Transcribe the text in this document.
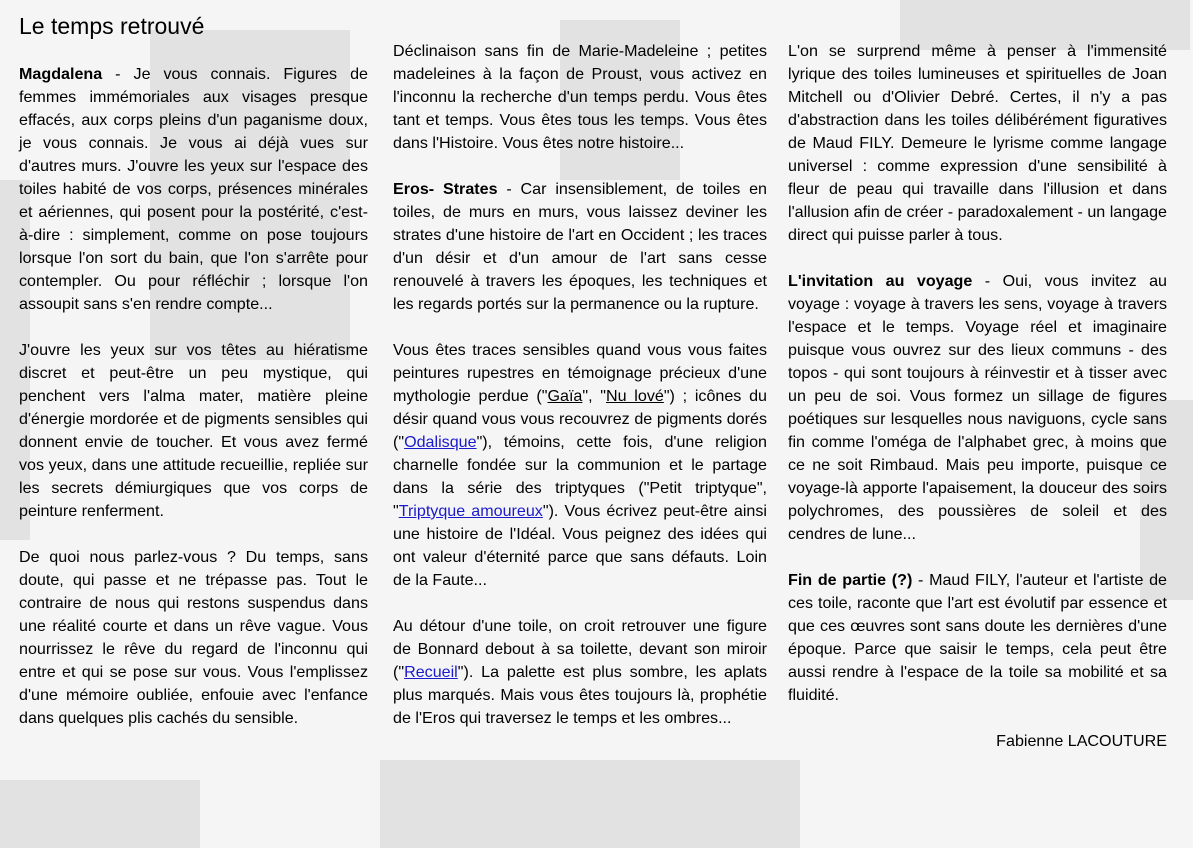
Le temps retrouvé

Magdalena - Je vous connais. Figures de femmes immémoriales aux visages presque effacés, aux corps pleins d'un paganisme doux, je vous connais. Je vous ai déjà vues sur d'autres murs. J'ouvre les yeux sur l'espace des toiles habité de vos corps, présences minérales et aériennes, qui posent pour la postérité, c'est-à-dire : simplement, comme on pose toujours lorsque l'on sort du bain, que l'on s'arrête pour contempler. Ou pour réfléchir ; lorsque l'on assoupit sans s'en rendre compte...

J'ouvre les yeux sur vos têtes au hiératisme discret et peut-être un peu mystique, qui penchent vers l'alma mater, matière pleine d'énergie mordorée et de pigments sensibles qui donnent envie de toucher. Et vous avez fermé vos yeux, dans une attitude recueillie, repliée sur les secrets démiurgiques que vos corps de peinture renferment.

De quoi nous parlez-vous ? Du temps, sans doute, qui passe et ne trépasse pas. Tout le contraire de nous qui restons suspendus dans une réalité courte et dans un rêve vague. Vous nourrissez le rêve du regard de l'inconnu qui entre et qui se pose sur vous. Vous l'emplissez d'une mémoire oubliée, enfouie avec l'enfance dans quelques plis cachés du sensible.

Déclinaison sans fin de Marie-Madeleine ; petites madeleines à la façon de Proust, vous activez en l'inconnu la recherche d'un temps perdu. Vous êtes tant et temps. Vous êtes tous les temps. Vous êtes dans l'Histoire. Vous êtes notre histoire...

Eros- Strates - Car insensiblement, de toiles en toiles, de murs en murs, vous laissez deviner les strates d'une histoire de l'art en Occident ; les traces d'un désir et d'un amour de l'art sans cesse renouvelé à travers les époques, les techniques et les regards portés sur la permanence ou la rupture.

Vous êtes traces sensibles quand vous vous faites peintures rupestres en témoignage précieux d'une mythologie perdue ("Gaïa", "Nu lové") ; icônes du désir quand vous vous recouvrez de pigments dorés ("Odalisque"), témoins, cette fois, d'une religion charnelle fondée sur la communion et le partage dans la série des triptyques ("Petit triptyque", "Triptyque amoureux"). Vous écrivez peut-être ainsi une histoire de l'Idéal. Vous peignez des idées qui ont valeur d'éternité parce que sans défauts. Loin de la Faute...

Au détour d'une toile, on croit retrouver une figure de Bonnard debout à sa toilette, devant son miroir ("Recueil"). La palette est plus sombre, les aplats plus marqués. Mais vous êtes toujours là, prophétie de l'Eros qui traversez le temps et les ombres...

L'on se surprend même à penser à l'immensité lyrique des toiles lumineuses et spirituelles de Joan Mitchell ou d'Olivier Debré. Certes, il n'y a pas d'abstraction dans les toiles délibérément figuratives de Maud FILY. Demeure le lyrisme comme langage universel : comme expression d'une sensibilité à fleur de peau qui travaille dans l'illusion et dans l'allusion afin de créer - paradoxalement - un langage direct qui puisse parler à tous.

L'invitation au voyage - Oui, vous invitez au voyage : voyage à travers les sens, voyage à travers l'espace et le temps. Voyage réel et imaginaire puisque vous ouvrez sur des lieux communs - des topos - qui sont toujours à réinvestir et à tisser avec un peu de soi. Vous formez un sillage de figures poétiques sur lesquelles nous naviguons, cycle sans fin comme l'oméga de l'alphabet grec, à moins que ce ne soit Rimbaud. Mais peu importe, puisque ce voyage-là apporte l'apaisement, la douceur des soirs polychromes, des poussières de soleil et des cendres de lune...

Fin de partie (?) - Maud FILY, l'auteur et l'artiste de ces toile, raconte que l'art est évolutif par essence et que ces œuvres sont sans doute les dernières d'une époque. Parce que saisir le temps, cela peut être aussi rendre à l'espace de la toile sa mobilité et sa fluidité.

Fabienne LACOUTURE
